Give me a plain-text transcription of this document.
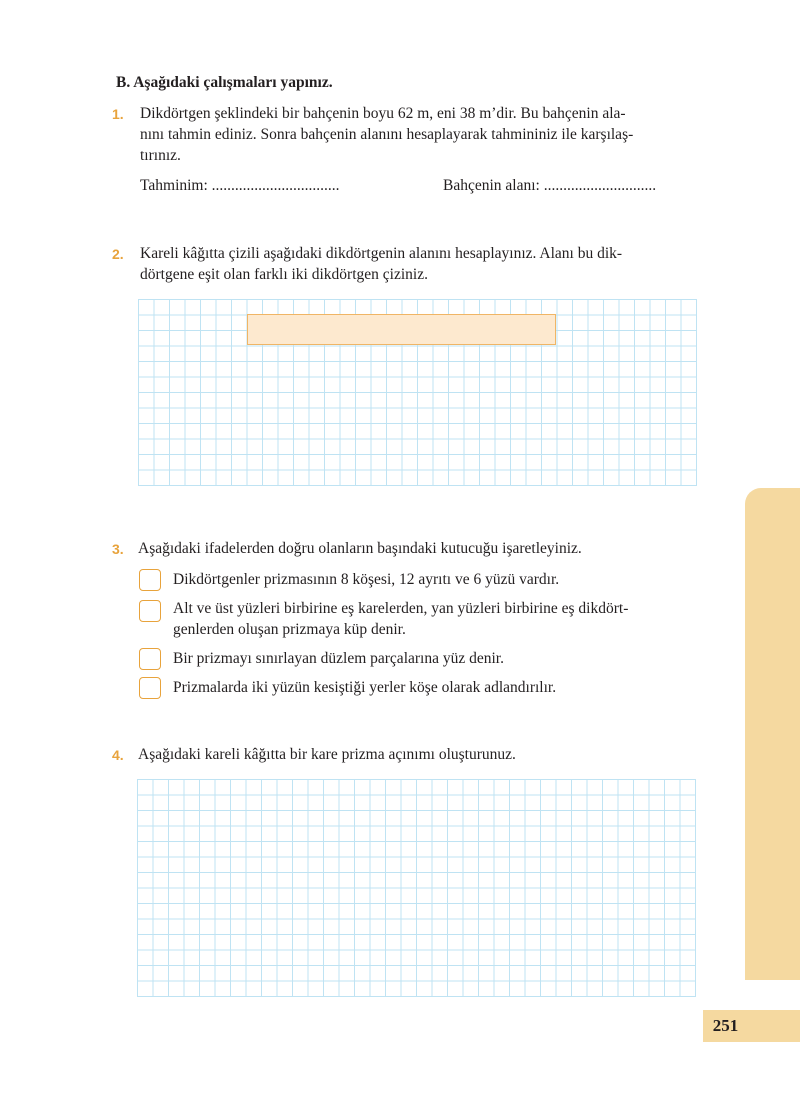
B. Aşağıdaki çalışmaları yapınız.
1. Dikdörtgen şeklindeki bir bahçenin boyu 62 m, eni 38 m’dir. Bu bahçenin ala-
nını tahmin ediniz. Sonra bahçenin alanını hesaplayarak tahmininiz ile karşılaş-
tırınız.
Tahminim: .................................	Bahçenin alanı: .............................
2. Kareli kâğıtta çizili aşağıdaki dikdörtgenin alanını hesaplayınız. Alanı bu dik-
dörtgene eşit olan farklı iki dikdörtgen çiziniz.
3. Aşağıdaki ifadelerden doğru olanların başındaki kutucuğu işaretleyiniz.
Dikdörtgenler prizmasının 8 köşesi, 12 ayrıtı ve 6 yüzü vardır.
Alt ve üst yüzleri birbirine eş karelerden, yan yüzleri birbirine eş dikdört-
genlerden oluşan prizmaya küp denir.
Bir prizmayı sınırlayan düzlem parçalarına yüz denir.
Prizmalarda iki yüzün kesiştiği yerler köşe olarak adlandırılır.
4. Aşağıdaki kareli kâğıtta bir kare prizma açınımı oluşturunuz.
251
